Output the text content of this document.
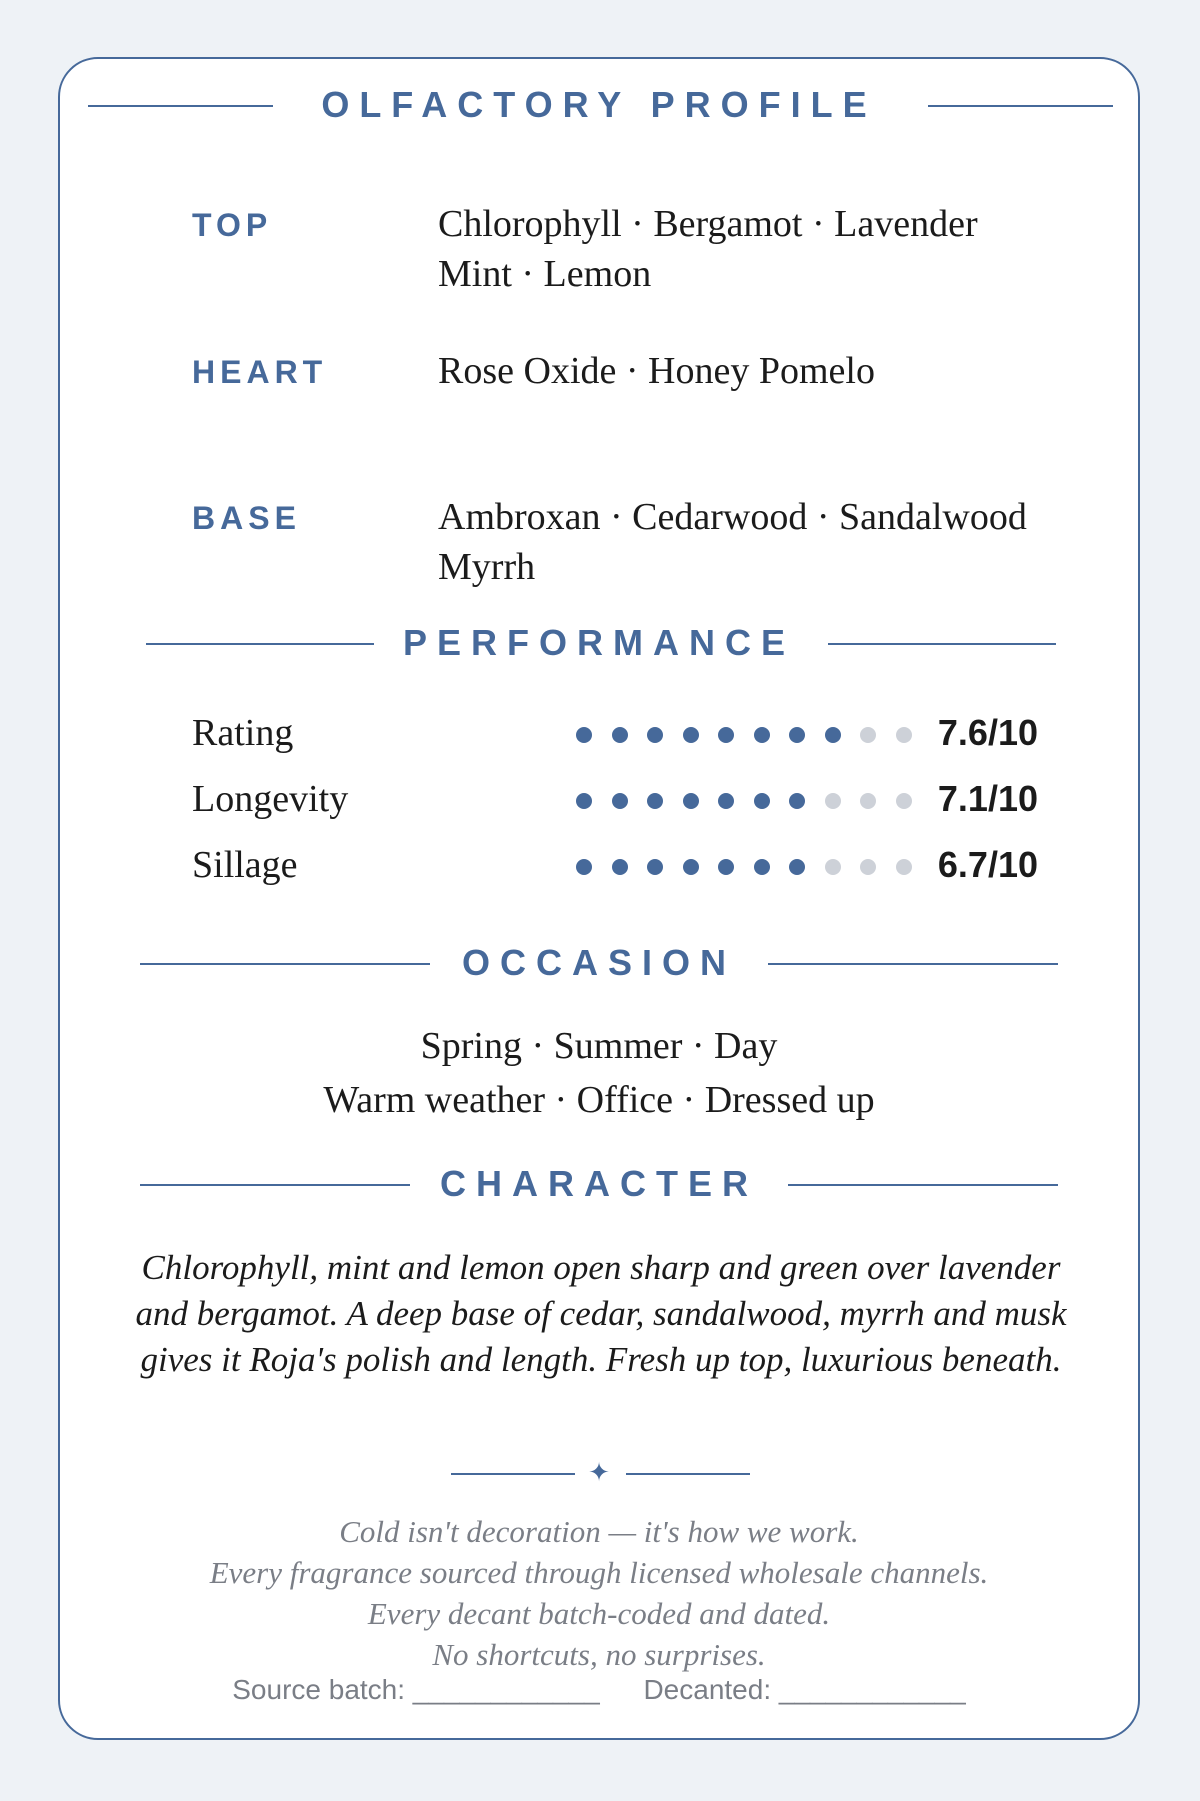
OLFACTORY PROFILE
TOP	Chlorophyll · Bergamot · Lavender
Mint · Lemon
HEART	Rose Oxide · Honey Pomelo
BASE	Ambroxan · Cedarwood · Sandalwood
Myrrh
PERFORMANCE
Rating	7.6/10
Longevity	7.1/10
Sillage	6.7/10
OCCASION
Spring · Summer · Day
Warm weather · Office · Dressed up
CHARACTER
Chlorophyll, mint and lemon open sharp and green over lavender
and bergamot. A deep base of cedar, sandalwood, myrrh and musk
gives it Roja's polish and length. Fresh up top, luxurious beneath.
✦
Cold isn't decoration — it's how we work.
Every fragrance sourced through licensed wholesale channels.
Every decant batch-coded and dated.
No shortcuts, no surprises.
Source batch: ____________ Decanted: ____________
